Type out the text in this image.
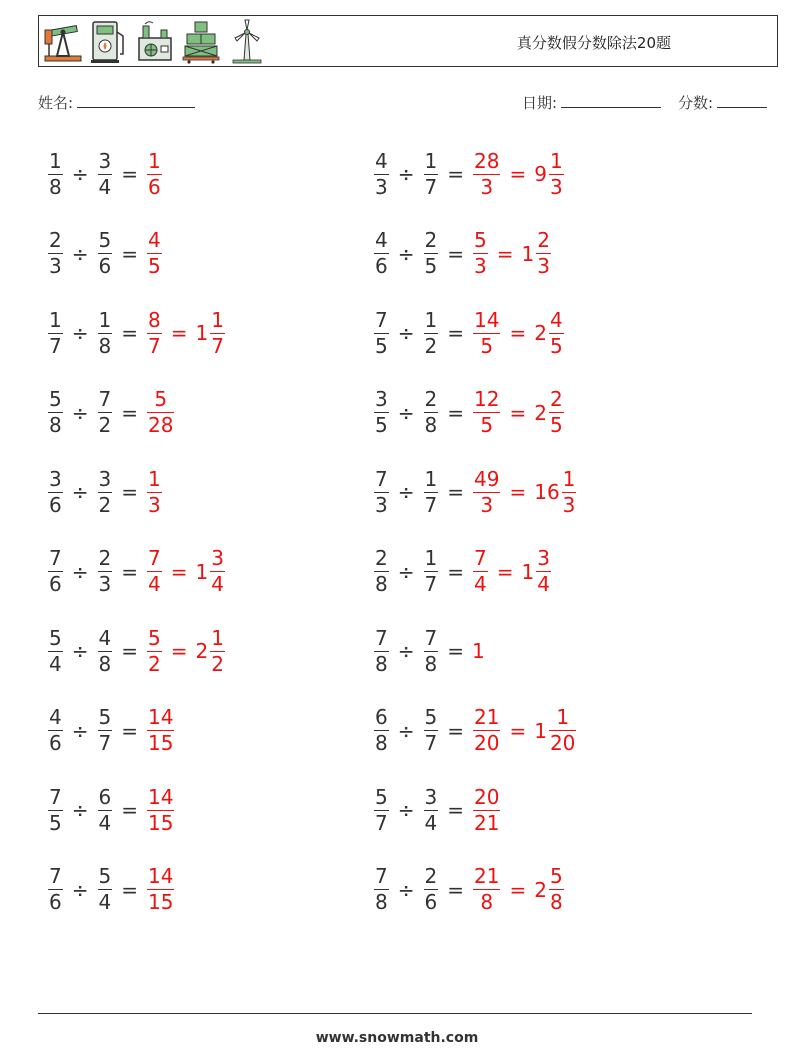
真分数假分数除法20题
姓名:	日期:	分数:
$\frac{1}{8} \div \frac{3}{4} = \frac{1}{6}$	$\frac{4}{3} \div \frac{1}{7} = \frac{28}{3} = 9 \frac{1}{3}$
$\frac{2}{3} \div \frac{5}{6} = \frac{4}{5}$	$\frac{4}{6} \div \frac{2}{5} = \frac{5}{3} = 1 \frac{2}{3}$
$\frac{1}{7} \div \frac{1}{8} = \frac{8}{7} = 1 \frac{1}{7}$	$\frac{7}{5} \div \frac{1}{2} = \frac{14}{5} = 2 \frac{4}{5}$
$\frac{5}{8} \div \frac{7}{2} = \frac{5}{28}$	$\frac{3}{5} \div \frac{2}{8} = \frac{12}{5} = 2 \frac{2}{5}$
$\frac{3}{6} \div \frac{3}{2} = \frac{1}{3}$	$\frac{7}{3} \div \frac{1}{7} = \frac{49}{3} = 16 \frac{1}{3}$
$\frac{7}{6} \div \frac{2}{3} = \frac{7}{4} = 1 \frac{3}{4}$	$\frac{2}{8} \div \frac{1}{7} = \frac{7}{4} = 1 \frac{3}{4}$
$\frac{5}{4} \div \frac{4}{8} = \frac{5}{2} = 2 \frac{1}{2}$	$\frac{7}{8} \div \frac{7}{8} = 1$
$\frac{4}{6} \div \frac{5}{7} = \frac{14}{15}$	$\frac{6}{8} \div \frac{5}{7} = \frac{21}{20} = 1 \frac{1}{20}$
$\frac{7}{5} \div \frac{6}{4} = \frac{14}{15}$	$\frac{5}{7} \div \frac{3}{4} = \frac{20}{21}$
$\frac{7}{6} \div \frac{5}{4} = \frac{14}{15}$	$\frac{7}{8} \div \frac{2}{6} = \frac{21}{8} = 2 \frac{5}{8}$
www.snowmath.com
